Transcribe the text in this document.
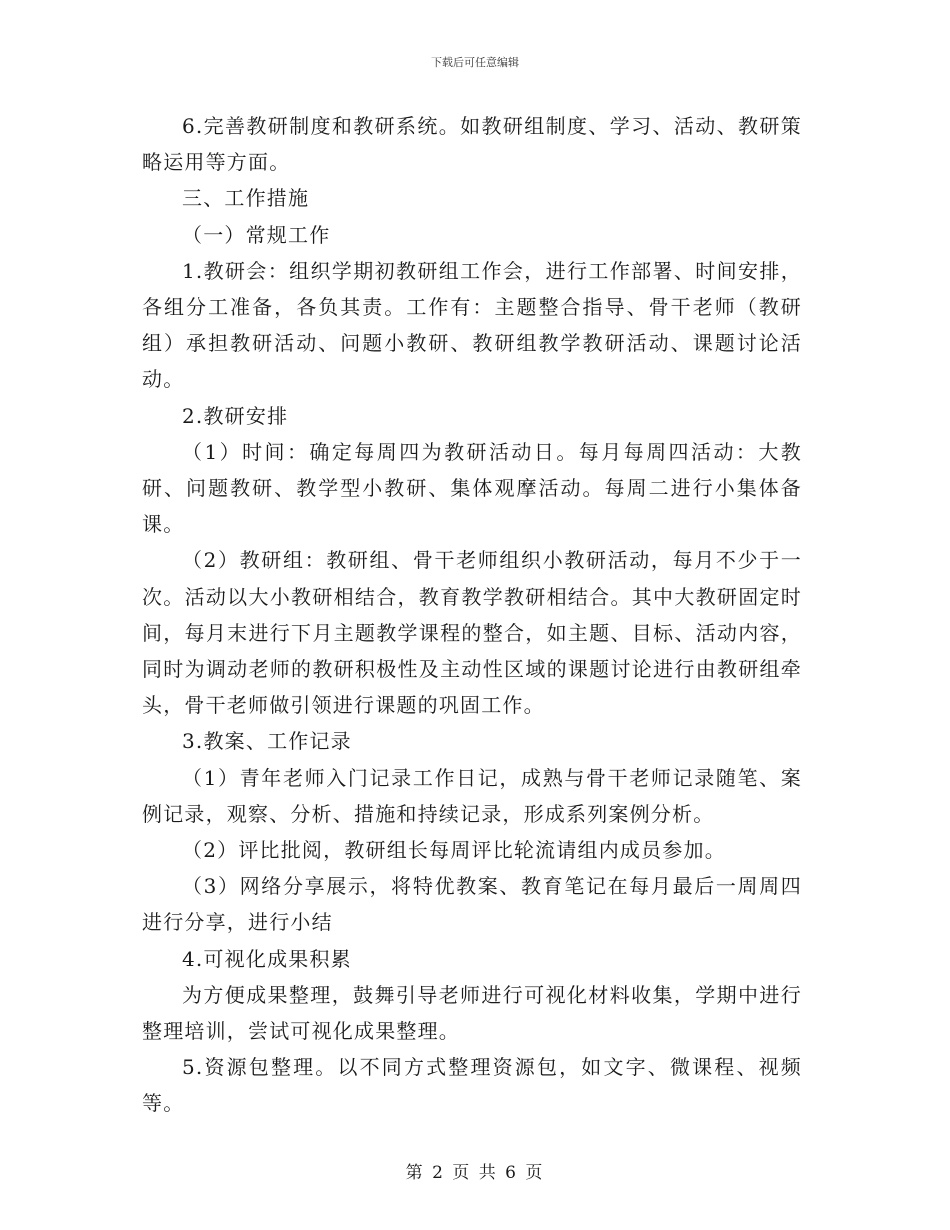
下载后可任意编辑

6.完善教研制度和教研系统。如教研组制度、学习、活动、教研策略运用等方面。

三、工作措施

（一）常规工作

1.教研会：组织学期初教研组工作会，进行工作部署、时间安排，各组分工准备，各负其责。工作有：主题整合指导、骨干老师（教研组）承担教研活动、问题小教研、教研组教学教研活动、课题讨论活动。

2.教研安排

（1）时间：确定每周四为教研活动日。每月每周四活动：大教研、问题教研、教学型小教研、集体观摩活动。每周二进行小集体备课。

（2）教研组：教研组、骨干老师组织小教研活动，每月不少于一次。活动以大小教研相结合，教育教学教研相结合。其中大教研固定时间，每月末进行下月主题教学课程的整合，如主题、目标、活动内容，同时为调动老师的教研积极性及主动性区域的课题讨论进行由教研组牵头，骨干老师做引领进行课题的巩固工作。

3.教案、工作记录

（1）青年老师入门记录工作日记，成熟与骨干老师记录随笔、案例记录，观察、分析、措施和持续记录，形成系列案例分析。

（2）评比批阅，教研组长每周评比轮流请组内成员参加。

（3）网络分享展示，将特优教案、教育笔记在每月最后一周周四进行分享，进行小结

4.可视化成果积累

为方便成果整理，鼓舞引导老师进行可视化材料收集，学期中进行整理培训，尝试可视化成果整理。

5.资源包整理。以不同方式整理资源包，如文字、微课程、视频等。

第 2 页 共 6 页
